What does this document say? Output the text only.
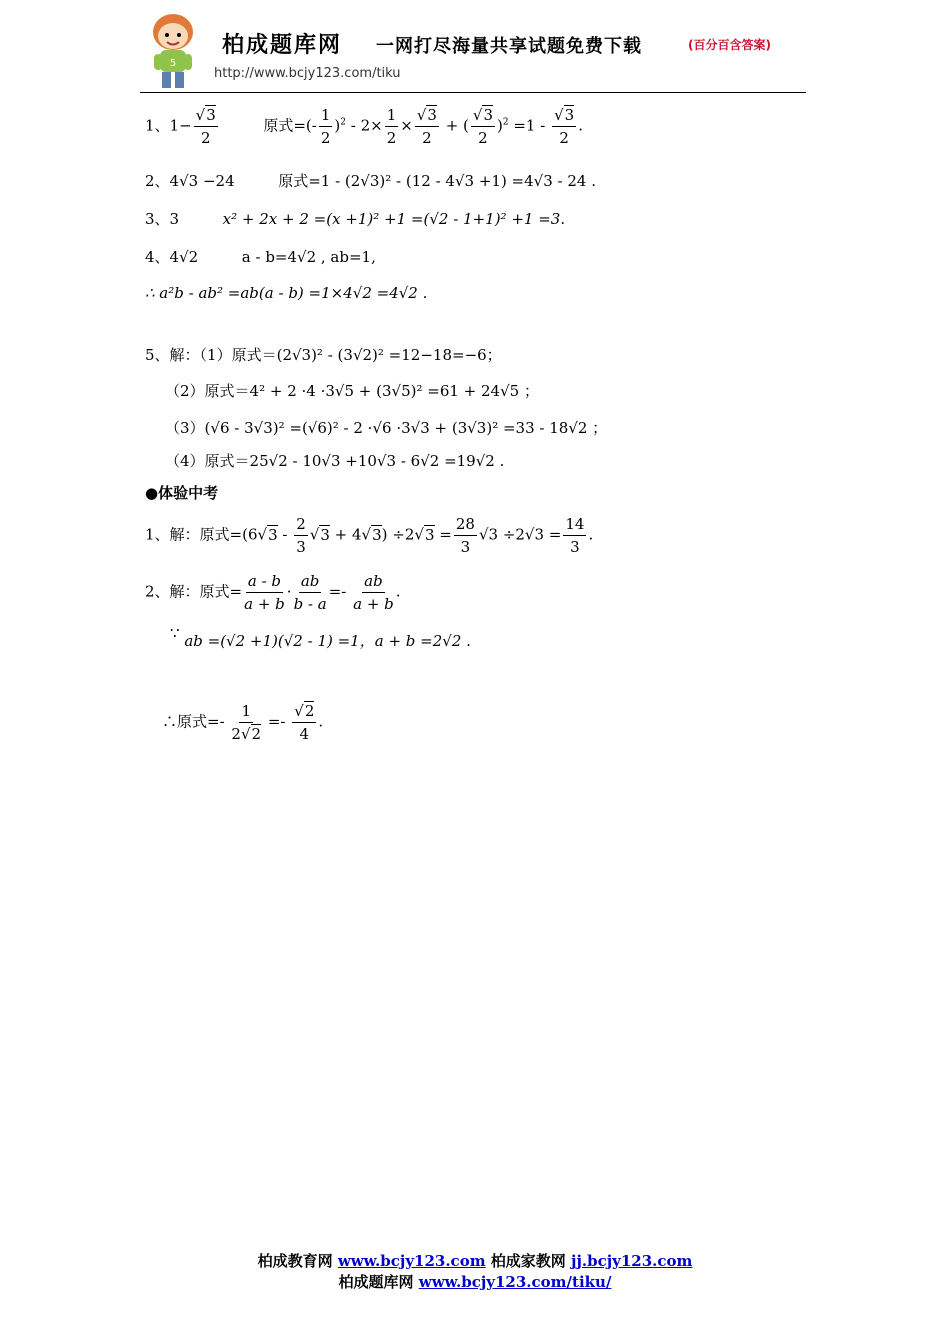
5
柏成题库网 一网打尽海量共享试题免费下载	(百分百含答案)
http://www.bcjy123.com/tiku
1、$1- \frac{√3}{2}$	原式=(- $\frac{1}{2} )^2 - 2\times \frac{1}{2} \times \frac{√3}{2}$ + ( $\frac{√3}{2} )^2 =1 - \frac{√3}{2}$ .
2、4√3 −24	原式=1 - (2√3)² - (12 - 4√3 +1) =4√3 - 24 .
3、3	x² + 2x + 2 =(x +1)² +1 =(√2 - 1+1)² +1 =3.
4、4√2	a - b=4√2 , ab=1,
∴ a²b - ab² =ab(a - b) =1×4√2 =4√2 .
5、解：（1）原式＝(2√3)² - (3√2)² =12−18=−6；
（2）原式＝4² + 2 ·4 ·3√5 + (3√5)² =61 + 24√5 ；
（3）(√6 - 3√3)² =(√6)² - 2 ·√6 ·3√3 + (3√3)² =33 - 18√2 ；
（4）原式＝25√2 - 10√3 +10√3 - 6√2 =19√2 .
●体验中考
1、解：原式$=(6√3 - \frac{2}{3} √3 + 4√3) \div 2√3 = \frac{28}{3} √3 \div 2√3 = \frac{14}{3}$ .
2、解：原式= $\frac{a - b}{a + b} \cdot \frac{ab}{b - a} =- \frac{ab}{a + b}$ .
∵ ab =(√2 +1)(√2 - 1) =1，a + b =2√2 .
∴原式=- $\frac{1}{2√2} =- \frac{√2}{4}$ .
柏成教育网 www.bcjy123.com 柏成家教网 jj.bcjy123.com
柏成题库网 www.bcjy123.com/tiku/
